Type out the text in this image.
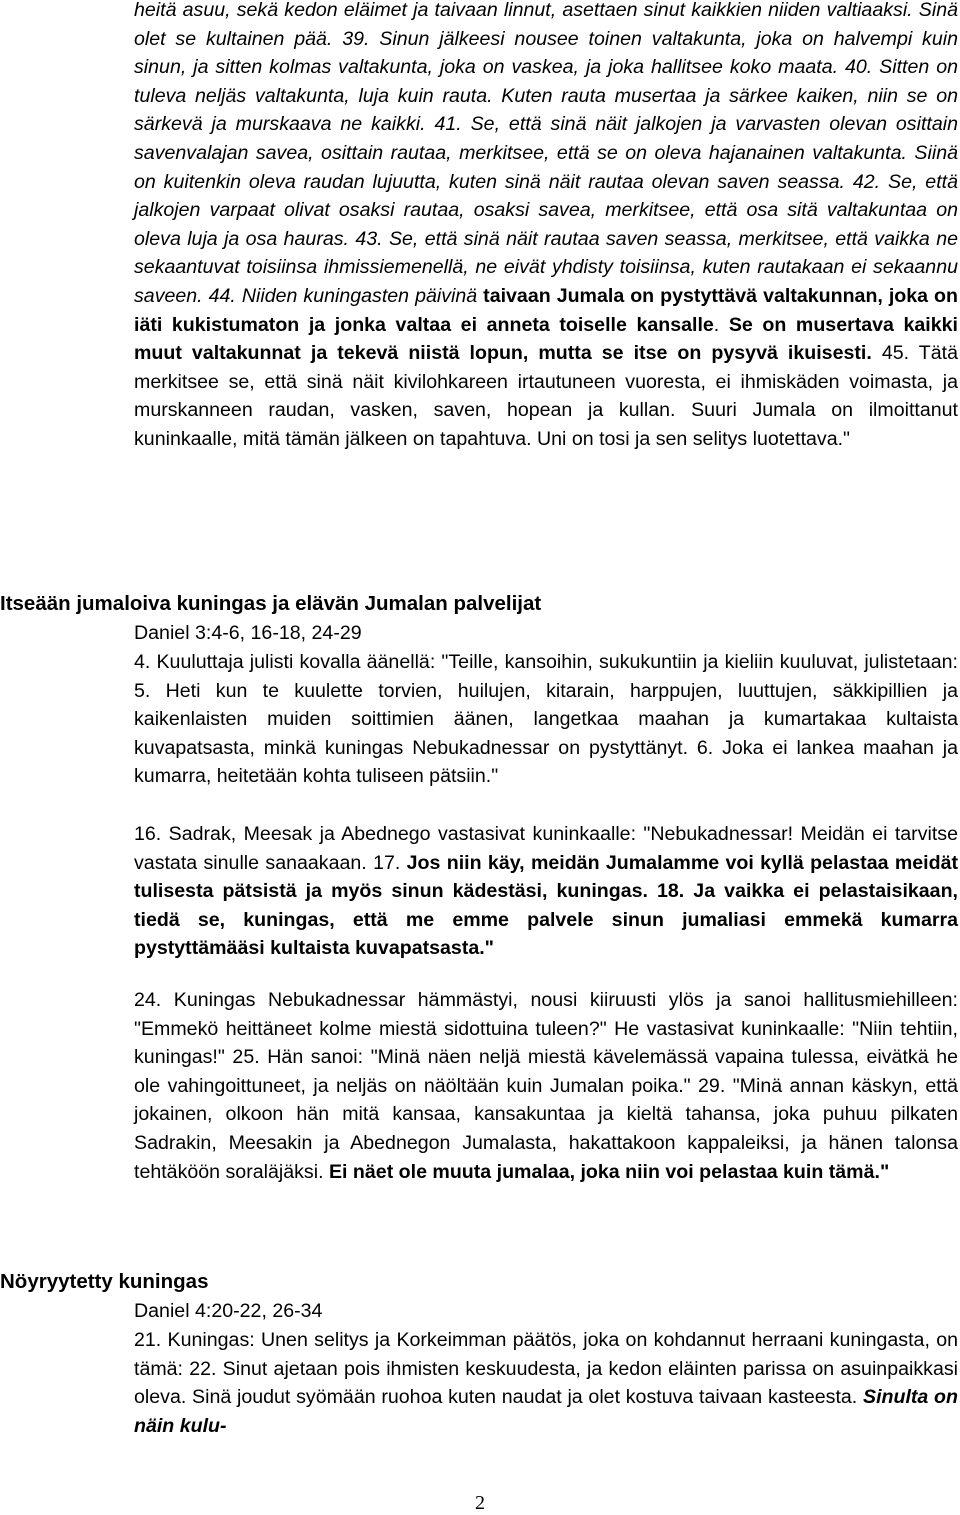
heitä asuu, sekä kedon eläimet ja taivaan linnut, asettaen sinut kaikkien niiden valtiaaksi. Sinä olet se kultainen pää. 39. Sinun jälkeesi nousee toinen valtakunta, joka on halvempi kuin sinun, ja sitten kolmas valtakunta, joka on vaskea, ja joka hallitsee koko maata. 40. Sitten on tuleva neljäs valtakunta, luja kuin rauta. Kuten rauta musertaa ja särkee kaiken, niin se on särkevä ja murskaava ne kaikki. 41. Se, että sinä näit jalkojen ja varvasten olevan osittain savenvalajan savea, osittain rautaa, merkitsee, että se on oleva hajanainen valtakunta. Siinä on kuitenkin oleva raudan lujuutta, kuten sinä näit rautaa olevan saven seassa. 42. Se, että jalkojen varpaat olivat osaksi rautaa, osaksi savea, merkitsee, että osa sitä valtakuntaa on oleva luja ja osa hauras. 43. Se, että sinä näit rautaa saven seassa, merkitsee, että vaikka ne sekaantuvat toisiinsa ihmissiemenellä, ne eivät yhdisty toisiinsa, kuten rautakaan ei sekaannu saveen. 44. Niiden kuningasten päivinä taivaan Jumala on pystyttävä valtakunnan, joka on iäti kukistumaton ja jonka valtaa ei anneta toiselle kansalle. Se on musertava kaikki muut valtakunnat ja tekevä niistä lopun, mutta se itse on pysyvä ikuisesti. 45. Tätä merkitsee se, että sinä näit kivilohkareen irtautuneen vuoresta, ei ihmiskäden voimasta, ja murskanneen raudan, vasken, saven, hopean ja kullan. Suuri Jumala on ilmoittanut kuninkaalle, mitä tämän jälkeen on tapahtuva. Uni on tosi ja sen selitys luotettava."

Itseään jumaloiva kuningas ja elävän Jumalan palvelijat

Daniel 3:4-6, 16-18, 24-29

4. Kuuluttaja julisti kovalla äänellä: "Teille, kansoihin, sukukuntiin ja kieliin kuuluvat, julistetaan: 5. Heti kun te kuulette torvien, huilujen, kitarain, harppujen, luuttujen, säkkipillien ja kaikenlaisten muiden soittimien äänen, langetkaa maahan ja kumartakaa kultaista kuvapatsasta, minkä kuningas Nebukadnessar on pystyttänyt. 6. Joka ei lankea maahan ja kumarra, heitetään kohta tuliseen pätsiin."

16. Sadrak, Meesak ja Abednego vastasivat kuninkaalle: "Nebukadnessar! Meidän ei tarvitse vastata sinulle sanaakaan. 17. Jos niin käy, meidän Jumalamme voi kyllä pelastaa meidät tulisesta pätsistä ja myös sinun kädestäsi, kuningas. 18. Ja vaikka ei pelastaisikaan, tiedä se, kuningas, että me emme palvele sinun jumaliasi emmekä kumarra pystyttämääsi kultaista kuvapatsasta."

24. Kuningas Nebukadnessar hämmästyi, nousi kiiruusti ylös ja sanoi hallitusmiehilleen: "Emmekö heittäneet kolme miestä sidottuina tuleen?" He vastasivat kuninkaalle: "Niin tehtiin, kuningas!" 25. Hän sanoi: "Minä näen neljä miestä kävelemässä vapaina tulessa, eivätkä he ole vahingoittuneet, ja neljäs on näöltään kuin Jumalan poika." 29. "Minä annan käskyn, että jokainen, olkoon hän mitä kansaa, kansakuntaa ja kieltä tahansa, joka puhuu pilkaten Sadrakin, Meesakin ja Abednegon Jumalasta, hakattakoon kappaleiksi, ja hänen talonsa tehtäköön soraläjäksi. Ei näet ole muuta jumalaa, joka niin voi pelastaa kuin tämä."

Nöyryytetty kuningas

Daniel 4:20-22, 26-34

21. Kuningas: Unen selitys ja Korkeimman päätös, joka on kohdannut herraani kuningasta, on tämä: 22. Sinut ajetaan pois ihmisten keskuudesta, ja kedon eläinten parissa on asuinpaikkasi oleva. Sinä joudut syömään ruohoa kuten naudat ja olet kostuva taivaan kasteesta. Sinulta on näin kulu-

2
